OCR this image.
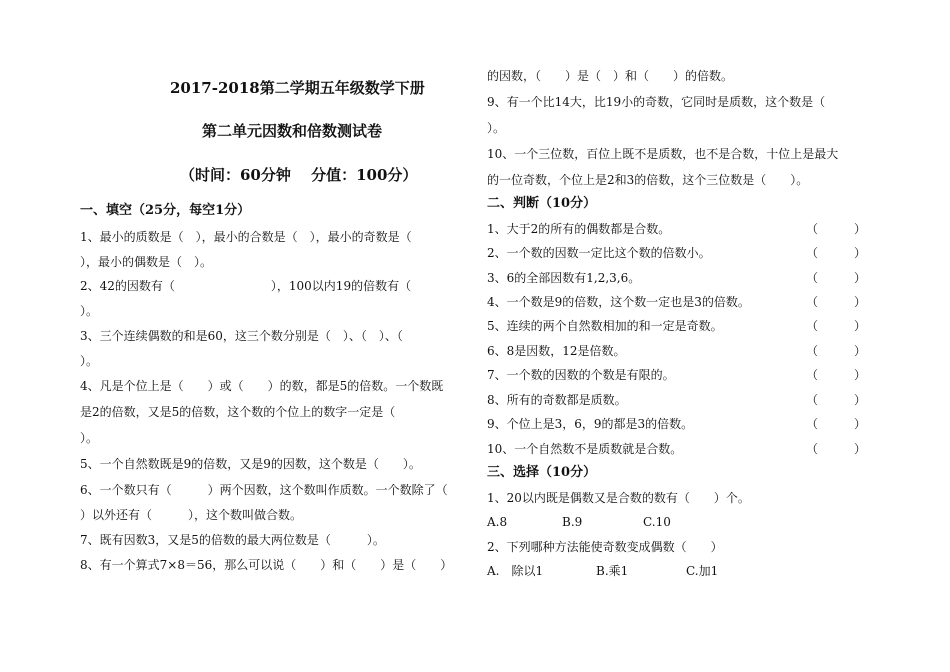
2017-2018第二学期五年级数学下册
第二单元因数和倍数测试卷
（时间：60分钟　 分值：100分）
一、填空（25分，每空1分）
1、最小的质数是（　），最小的合数是（　），最小的奇数是（
），最小的偶数是（　）。
2、42的因数有（　　　　　　　　），100以内19的倍数有（
）。
3、三个连续偶数的和是60，这三个数分别是（　）、（　）、（
）。
4、凡是个位上是（　　）或（　　）的数，都是5的倍数。一个数既
是2的倍数，又是5的倍数，这个数的个位上的数字一定是（
）。
5、一个自然数既是9的倍数，又是9的因数，这个数是（　　）。
6、一个数只有（　　　）两个因数，这个数叫作质数。一个数除了（
）以外还有（　　　），这个数叫做合数。
7、既有因数3，又是5的倍数的最大两位数是（　　　）。
8、有一个算式7×8＝56，那么可以说（　　）和（　　）是（　　）
的因数，（　　）是（　）和（　　）的倍数。
9、有一个比14大，比19小的奇数，它同时是质数，这个数是（
）。
10、一个三位数，百位上既不是质数，也不是合数，十位上是最大
的一位奇数，个位上是2和3的倍数，这个三位数是（　　）。
二、判断（10分）
1、大于2的所有的偶数都是合数。	（　　　）
2、一个数的因数一定比这个数的倍数小。	（　　　）
3、6的全部因数有1,2,3,6。	（　　　）
4、一个数是9的倍数，这个数一定也是3的倍数。	（　　　）
5、连续的两个自然数相加的和一定是奇数。	（　　　）
6、8是因数，12是倍数。	（　　　）
7、一个数的因数的个数是有限的。	（　　　）
8、所有的奇数都是质数。	（　　　）
9、个位上是3，6，9的都是3的倍数。	（　　　）
10、一个自然数不是质数就是合数。	（　　　）
三、选择（10分）
1、20以内既是偶数又是合数的数有（　　）个。
A.8	B.9	C.10
2、下列哪种方法能使奇数变成偶数（　　）
A.　除以1	B.乘1	C.加1
